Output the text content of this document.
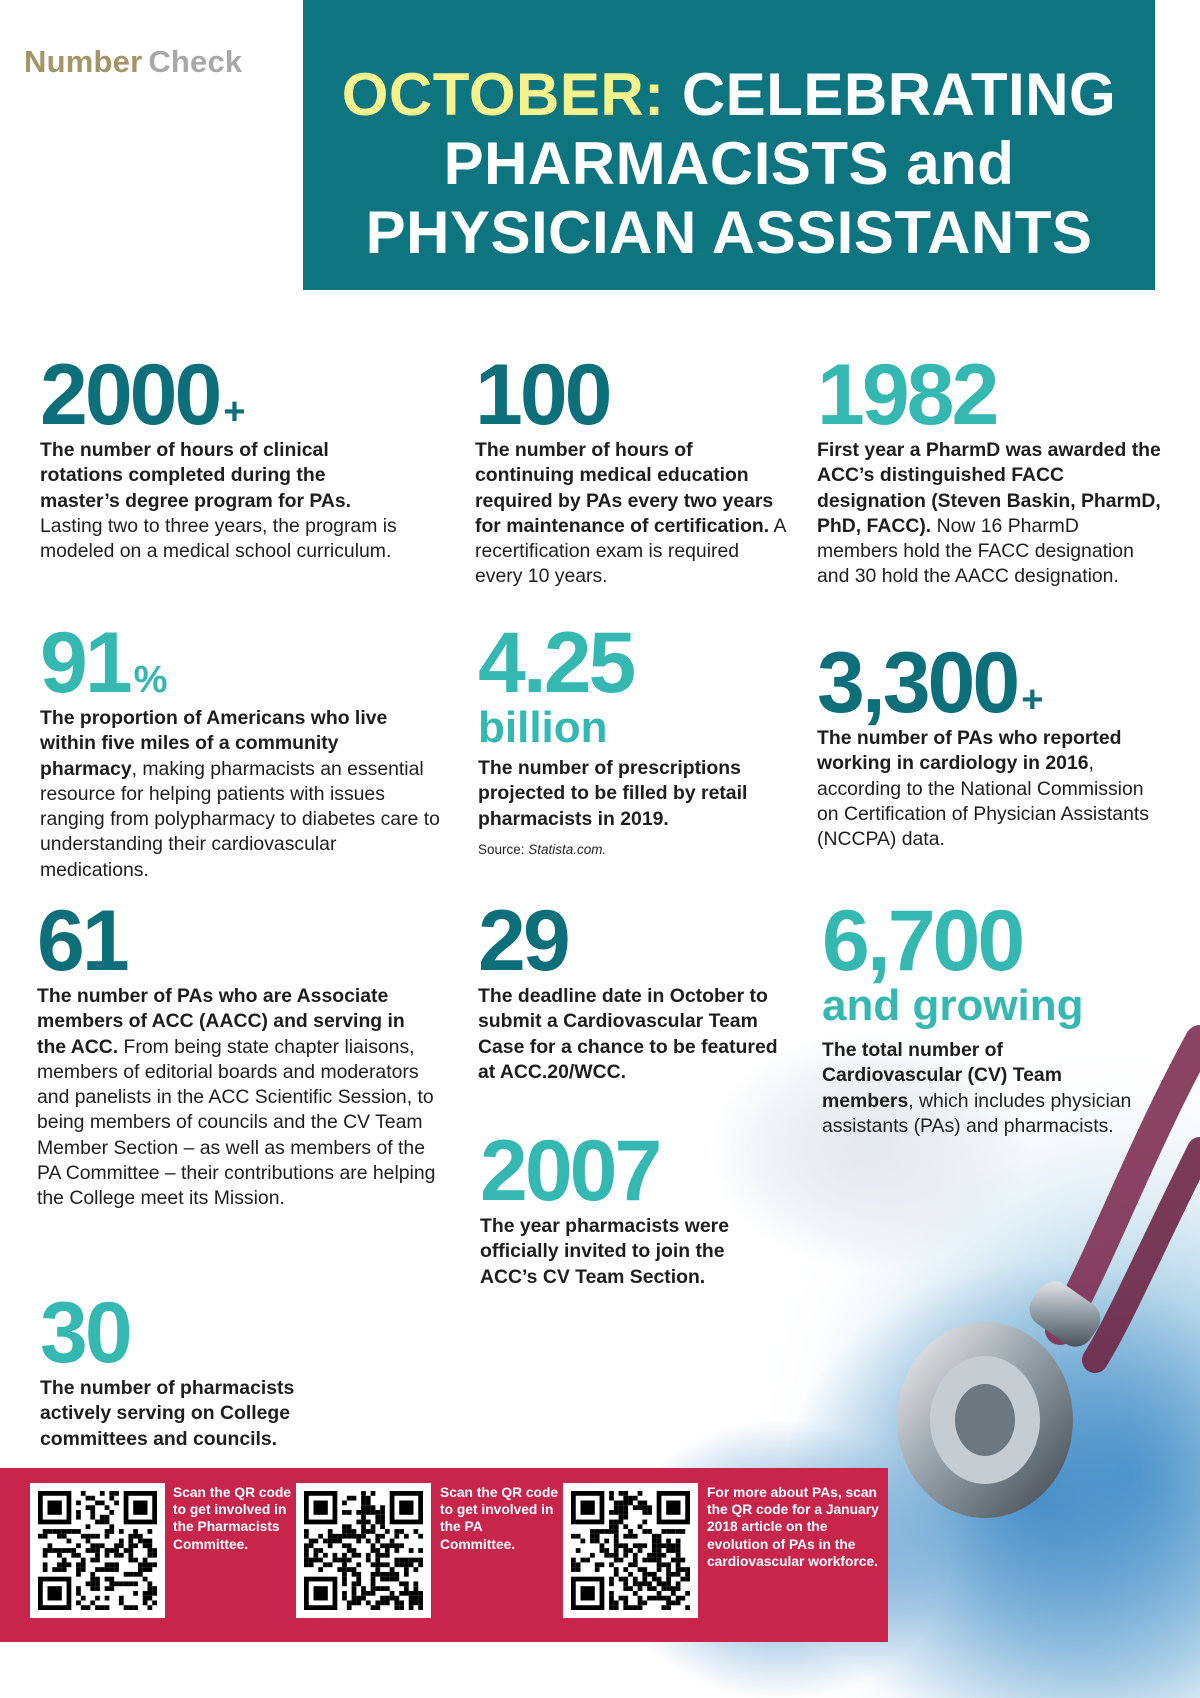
Number Check	OCTOBER: CELEBRATING
PHARMACISTS and
PHYSICIAN ASSISTANTS
2000 +
The number of hours of clinical rotations completed during the master’s degree program for PAs. Lasting two to three years, the program is modeled on a medical school curriculum.
100
The number of hours of continuing medical education required by PAs every two years for maintenance of certification. A recertification exam is required every 10 years.
1982
First year a PharmD was awarded the ACC’s distinguished FACC designation (Steven Baskin, PharmD, PhD, FACC). Now 16 PharmD members hold the FACC designation and 30 hold the AACC designation.
91 %
The proportion of Americans who live within five miles of a community pharmacy, making pharmacists an essential resource for helping patients with issues ranging from polypharmacy to diabetes care to understanding their cardiovascular medications.
4.25
billion
The number of prescriptions projected to be filled by retail pharmacists in 2019.
Source: Statista.com.
3,300 +
The number of PAs who reported working in cardiology in 2016, according to the National Commission on Certification of Physician Assistants (NCCPA) data.
61
The number of PAs who are Associate members of ACC (AACC) and serving in the ACC. From being state chapter liaisons, members of editorial boards and moderators and panelists in the ACC Scientific Session, to being members of councils and the CV Team Member Section – as well as members of the PA Committee – their contributions are helping the College meet its Mission.
29
The deadline date in October to submit a Cardiovascular Team Case for a chance to be featured at ACC.20/WCC.
6,700
and growing
The total number of Cardiovascular (CV) Team members, which includes physician assistants (PAs) and pharmacists.
2007
The year pharmacists were officially invited to join the ACC’s CV Team Section.
30
The number of pharmacists actively serving on College committees and councils.
Scan the QR code to get involved in the Pharmacists Committee.
Scan the QR code to get involved in the PA Committee.
For more about PAs, scan the QR code for a January 2018 article on the evolution of PAs in the cardiovascular workforce.
